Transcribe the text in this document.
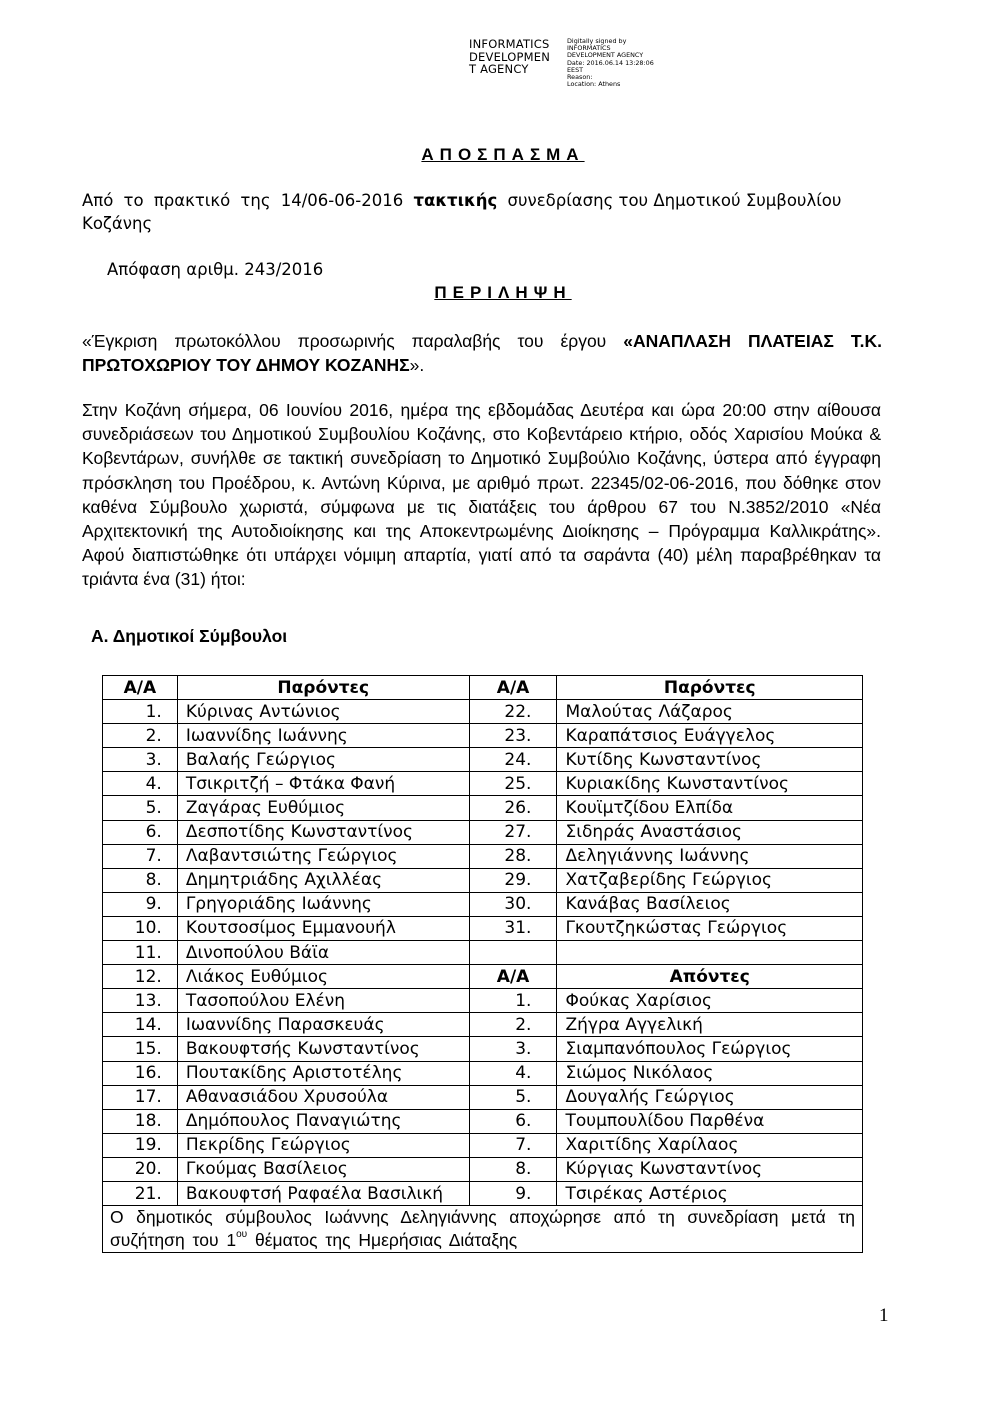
INFORMATICS
DEVELOPMEN
T AGENCY
Digitally signed by
INFORMATICS
DEVELOPMENT AGENCY
Date: 2016.06.14 13:28:06
EEST
Reason:
Location: Athens
ΑΠΟΣΠΑΣΜΑ
Από το πρακτικό της 14/06-06-2016 τακτικής συνεδρίασης του Δημοτικού Συμβουλίου Κοζάνης
Απόφαση αριθμ. 243/2016
ΠΕΡΙΛΗΨΗ
«Έγκριση πρωτοκόλλου προσωρινής παραλαβής του έργου «ΑΝΑΠΛΑΣΗ ΠΛΑΤΕΙΑΣ Τ.Κ. ΠΡΩΤΟΧΩΡΙΟΥ ΤΟΥ ΔΗΜΟΥ ΚΟΖΑΝΗΣ».
Στην Κοζάνη σήμερα, 06 Ιουνίου 2016, ημέρα της εβδομάδας Δευτέρα και ώρα 20:00 στην αίθουσα συνεδριάσεων του Δημοτικού Συμβουλίου Κοζάνης, στο Κοβεντάρειο κτήριο, οδός Χαρισίου Μούκα & Κοβεντάρων, συνήλθε σε τακτική συνεδρίαση το Δημοτικό Συμβούλιο Κοζάνης, ύστερα από έγγραφη πρόσκληση του Προέδρου, κ. Αντώνη Κύρινα, με αριθμό πρωτ. 22345/02-06-2016, που δόθηκε στον καθένα Σύμβουλο χωριστά, σύμφωνα με τις διατάξεις του άρθρου 67 του Ν.3852/2010 «Νέα Αρχιτεκτονική της Αυτοδιοίκησης και της Αποκεντρωμένης Διοίκησης – Πρόγραμμα Καλλικράτης». Αφού διαπιστώθηκε ότι υπάρχει νόμιμη απαρτία, γιατί από τα σαράντα (40) μέλη παραβρέθηκαν τα τριάντα ένα (31) ήτοι:
Α. Δημοτικοί Σύμβουλοι
Α/Α	Παρόντες	Α/Α	Παρόντες
1.	Κύρινας Αντώνιος	22.	Μαλούτας Λάζαρος
2.	Ιωαννίδης Ιωάννης	23.	Καραπάτσιος Ευάγγελος
3.	Βαλαής Γεώργιος	24.	Κυτίδης Κωνσταντίνος
4.	Τσικριτζή – Φτάκα Φανή	25.	Κυριακίδης Κωνσταντίνος
5.	Ζαγάρας Ευθύμιος	26.	Κουϊμτζίδου Ελπίδα
6.	Δεσποτίδης Κωνσταντίνος	27.	Σιδηράς Αναστάσιος
7.	Λαβαντσιώτης Γεώργιος	28.	Δεληγιάννης Ιωάννης
8.	Δημητριάδης Αχιλλέας	29.	Χατζαβερίδης Γεώργιος
9.	Γρηγοριάδης Ιωάννης	30.	Κανάβας Βασίλειος
10.	Κουτσοσίμος Εμμανουήλ	31.	Γκουτζηκώστας Γεώργιος
11.	Δινοπούλου Βάϊα		
12.	Λιάκος Ευθύμιος	Α/Α	Απόντες
13.	Τασοπούλου Ελένη	1.	Φούκας Χαρίσιος
14.	Ιωαννίδης Παρασκευάς	2.	Ζήγρα Αγγελική
15.	Βακουφτσής Κωνσταντίνος	3.	Σιαμπανόπουλος Γεώργιος
16.	Πουτακίδης Αριστοτέλης	4.	Σιώμος Νικόλαος
17.	Αθανασιάδου Χρυσούλα	5.	Δουγαλής Γεώργιος
18.	Δημόπουλος Παναγιώτης	6.	Τουμπουλίδου Παρθένα
19.	Πεκρίδης Γεώργιος	7.	Χαριτίδης Χαρίλαος
20.	Γκούμας Βασίλειος	8.	Κύργιας Κωνσταντίνος
21.	Βακουφτσή Ραφαέλα Βασιλική	9.	Τσιρέκας Αστέριος
Ο δημοτικός σύμβουλος Ιωάννης Δεληγιάννης αποχώρησε από τη συνεδρίαση μετά τη συζήτηση του $1^{o\upsilon}$ θέματος της Ημερήσιας Διάταξης			
1
